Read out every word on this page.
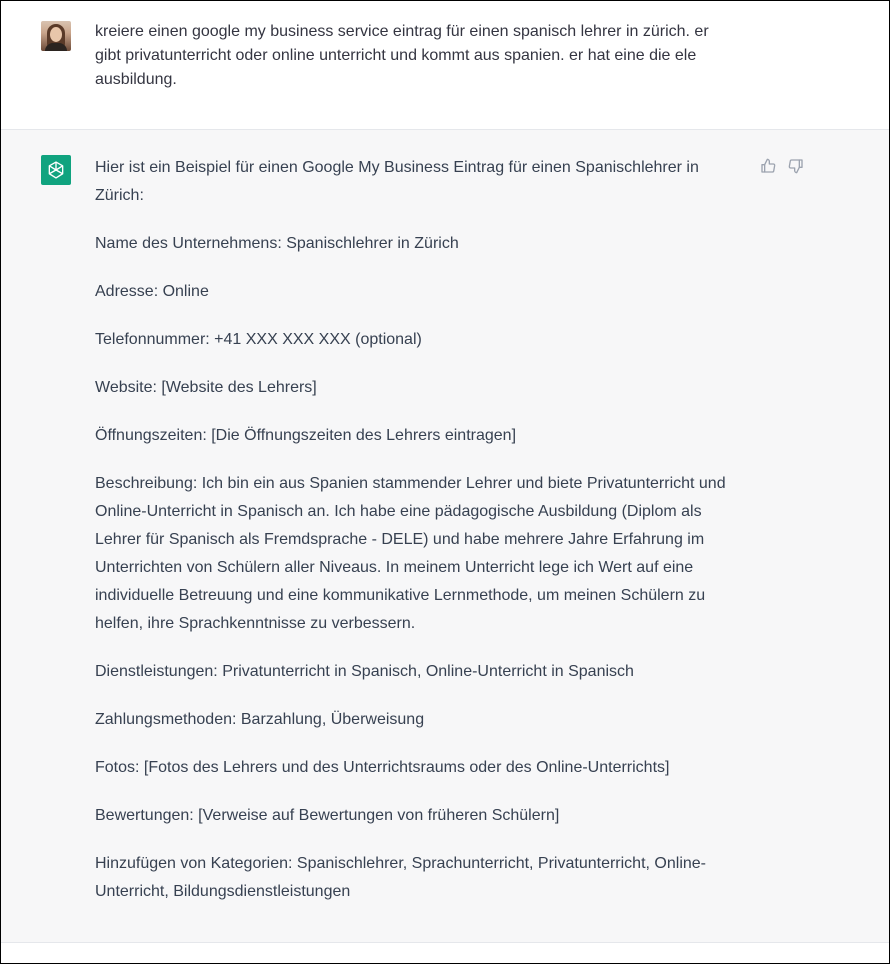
kreiere einen google my business service eintrag für einen spanisch lehrer in zürich. er gibt privatunterricht oder online unterricht und kommt aus spanien. er hat eine die ele ausbildung.

Hier ist ein Beispiel für einen Google My Business Eintrag für einen Spanischlehrer in Zürich:

Name des Unternehmens: Spanischlehrer in Zürich

Adresse: Online

Telefonnummer: +41 XXX XXX XXX (optional)

Website: [Website des Lehrers]

Öffnungszeiten: [Die Öffnungszeiten des Lehrers eintragen]

Beschreibung: Ich bin ein aus Spanien stammender Lehrer und biete Privatunterricht und Online-Unterricht in Spanisch an. Ich habe eine pädagogische Ausbildung (Diplom als Lehrer für Spanisch als Fremdsprache - DELE) und habe mehrere Jahre Erfahrung im Unterrichten von Schülern aller Niveaus. In meinem Unterricht lege ich Wert auf eine individuelle Betreuung und eine kommunikative Lernmethode, um meinen Schülern zu helfen, ihre Sprachkenntnisse zu verbessern.

Dienstleistungen: Privatunterricht in Spanisch, Online-Unterricht in Spanisch

Zahlungsmethoden: Barzahlung, Überweisung

Fotos: [Fotos des Lehrers und des Unterrichtsraums oder des Online-Unterrichts]

Bewertungen: [Verweise auf Bewertungen von früheren Schülern]

Hinzufügen von Kategorien: Spanischlehrer, Sprachunterricht, Privatunterricht, Online-Unterricht, Bildungsdienstleistungen
